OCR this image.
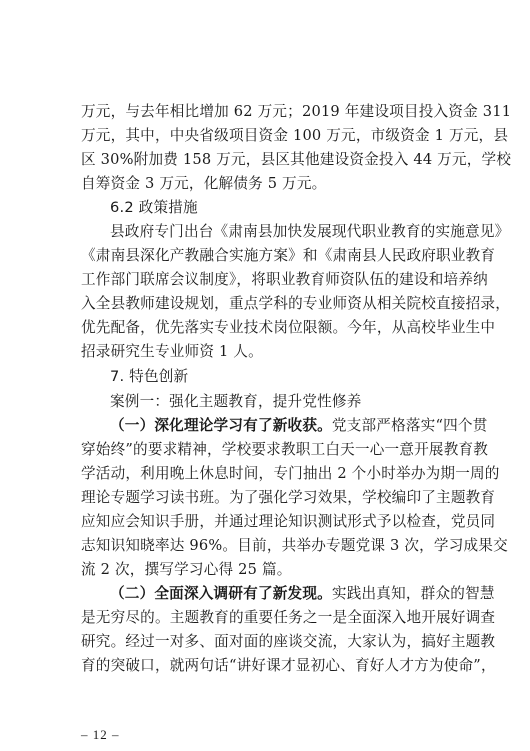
万元，与去年相比增加 62 万元；2019 年建设项目投入资金 311
万元，其中，中央省级项目资金 100 万元，市级资金 1 万元，县
区 30%附加费 158 万元，县区其他建设资金投入 44 万元，学校
自筹资金 3 万元，化解债务 5 万元。
6.2 政策措施
县政府专门出台《肃南县加快发展现代职业教育的实施意见》
《肃南县深化产教融合实施方案》和《肃南县人民政府职业教育
工作部门联席会议制度》，将职业教育师资队伍的建设和培养纳
入全县教师建设规划，重点学科的专业师资从相关院校直接招录，
优先配备，优先落实专业技术岗位限额。今年，从高校毕业生中
招录研究生专业师资 1 人。
7. 特色创新
案例一：强化主题教育，提升党性修养
（一）深化理论学习有了新收获。党支部严格落实“四个贯
穿始终”的要求精神，学校要求教职工白天一心一意开展教育教
学活动，利用晚上休息时间，专门抽出 2 个小时举办为期一周的
理论专题学习读书班。为了强化学习效果，学校编印了主题教育
应知应会知识手册，并通过理论知识测试形式予以检查，党员同
志知识知晓率达 96%。目前，共举办专题党课 3 次，学习成果交
流 2 次，撰写学习心得 25 篇。
（二）全面深入调研有了新发现。实践出真知，群众的智慧
是无穷尽的。主题教育的重要任务之一是全面深入地开展好调查
研究。经过一对多、面对面的座谈交流，大家认为，搞好主题教
育的突破口，就两句话“讲好课才显初心、育好人才方为使命”，
– 12 –
